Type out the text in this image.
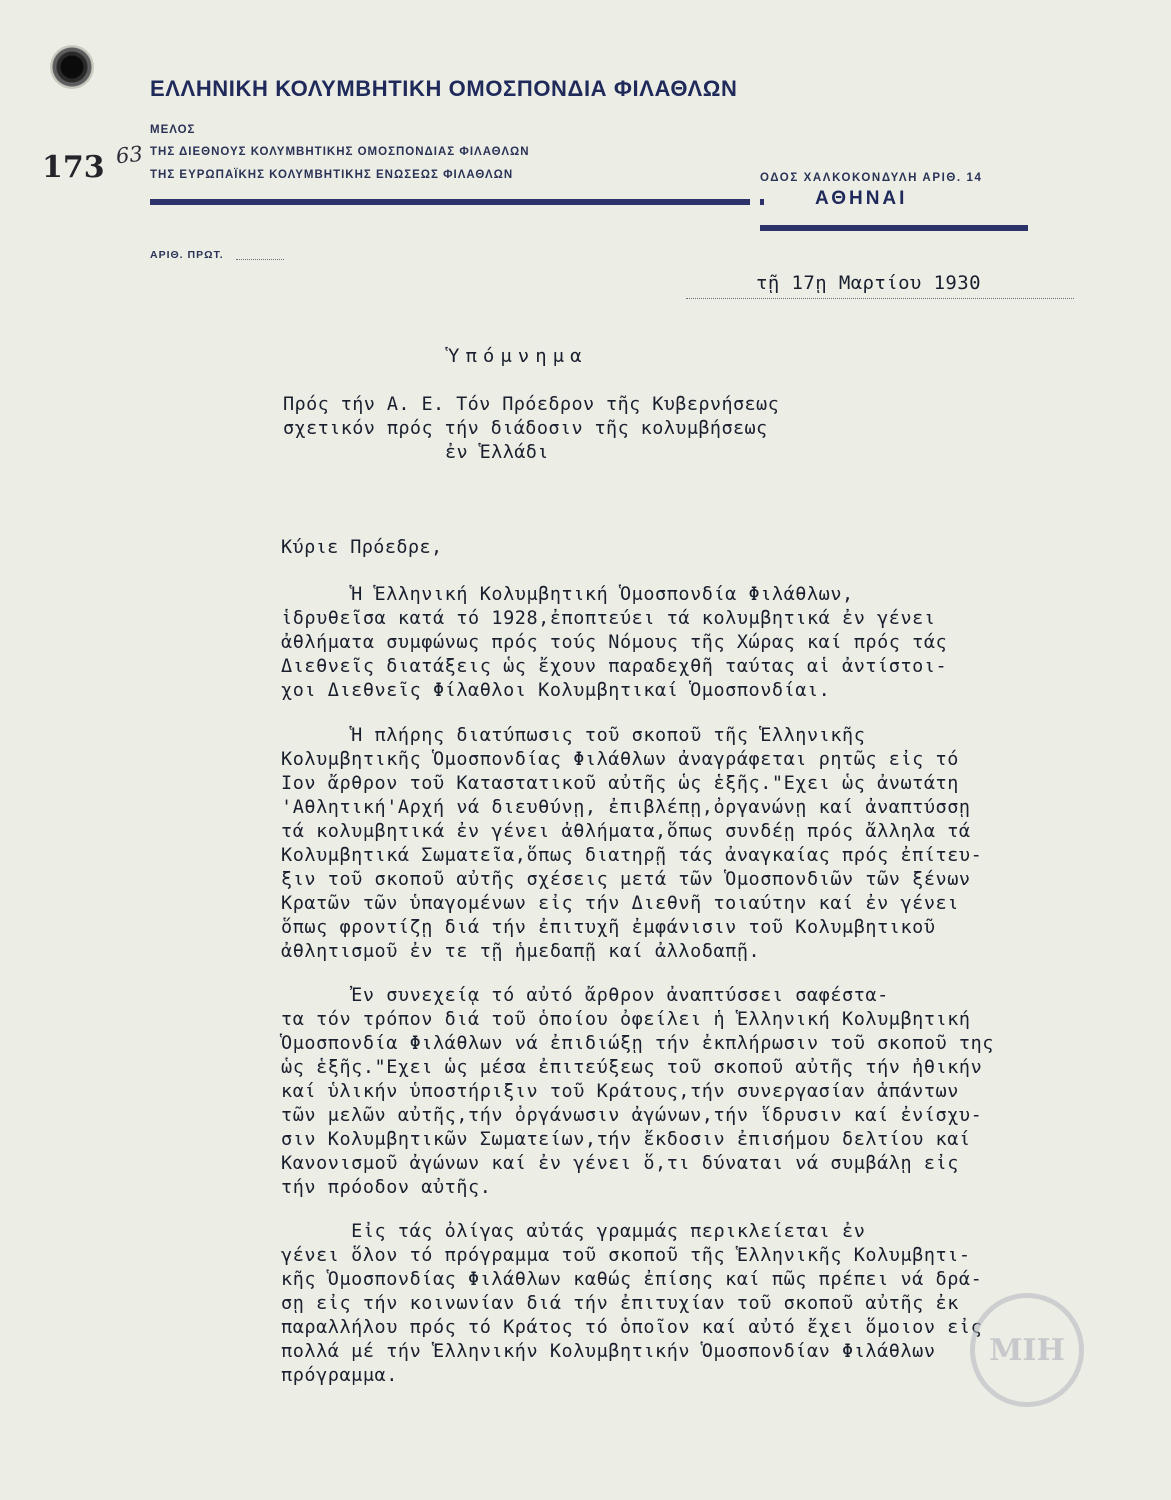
ΕΛΛΗΝΙΚΗ ΚΟΛΥΜΒΗΤΙΚΗ ΟΜΟΣΠΟΝΔΙΑ ΦΙΛΑΘΛΩΝ
ΜΕΛΟΣ
ΤΗΣ ΔΙΕΘΝΟΥΣ ΚΟΛΥΜΒΗΤΙΚΗΣ ΟΜΟΣΠΟΝΔΙΑΣ ΦΙΛΑΘΛΩΝ
ΤΗΣ ΕΥΡΩΠΑΪΚΗΣ ΚΟΛΥΜΒΗΤΙΚΗΣ ΕΝΩΣΕΩΣ ΦΙΛΑΘΛΩΝ	ΟΔΟΣ ΧΑΛΚΟΚΟΝΔΥΛΗ ΑΡΙΘ. 14
173 63
ΑΘΗΝΑΙ
ΑΡΙΘ. ΠΡΩΤ.
τῇ 17ῃ Μαρτίου 1930
Ὑπόμνημα
Πρός τήν Α. Ε. Τόν Πρόεδρον τῆς Κυβερνήσεως
σχετικόν πρός τήν διάδοσιν τῆς κολυμβήσεως
ἐν Ἑλλάδι
Κύριε Πρόεδρε,
Ἡ Ἑλληνική Κολυμβητική Ὁμοσπονδία Φιλάθλων,
ἱδρυθεῖσα κατά τό 1928,ἐποπτεύει τά κολυμβητικά ἐν γένει
ἀθλήματα συμφώνως πρός τούς Νόμους τῆς Χώρας καί πρός τάς
Διεθνεῖς διατάξεις ὡς ἔχουν παραδεχθῆ ταύτας αἱ ἀντίστοι-
χοι Διεθνεῖς Φίλαθλοι Κολυμβητικαί Ὁμοσπονδίαι.
Ἡ πλήρης διατύπωσις τοῦ σκοποῦ τῆς Ἑλληνικῆς
Κολυμβητικῆς Ὁμοσπονδίας Φιλάθλων ἀναγράφεται ρητῶς εἰς τό
Ιον ἄρθρον τοῦ Καταστατικοῦ αὐτῆς ὡς ἑξῆς."Εχει ὡς ἀνωτάτη
'Αθλητική'Αρχή νά διευθύνῃ, ἐπιβλέπῃ,ὀργανώνῃ καί ἀναπτύσσῃ
τά κολυμβητικά ἐν γένει ἀθλήματα,ὅπως συνδέῃ πρός ἄλληλα τά
Κολυμβητικά Σωματεῖα,ὅπως διατηρῇ τάς ἀναγκαίας πρός ἐπίτευ-
ξιν τοῦ σκοποῦ αὐτῆς σχέσεις μετά τῶν Ὁμοσπονδιῶν τῶν ξένων
Κρατῶν τῶν ὑπαγομένων εἰς τήν Διεθνῆ τοιαύτην καί ἐν γένει
ὅπως φροντίζῃ διά τήν ἐπιτυχῆ ἐμφάνισιν τοῦ Κολυμβητικοῦ
ἀθλητισμοῦ ἐν τε τῇ ἡμεδαπῇ καί ἀλλοδαπῇ.
Ἐν συνεχείᾳ τό αὐτό ἄρθρον ἀναπτύσσει σαφέστα-
τα τόν τρόπον διά τοῦ ὁποίου ὀφείλει ἡ Ἑλληνική Κολυμβητική
Ὁμοσπονδία Φιλάθλων νά ἐπιδιώξῃ τήν ἐκπλήρωσιν τοῦ σκοποῦ της
ὡς ἑξῆς."Εχει ὡς μέσα ἐπιτεύξεως τοῦ σκοποῦ αὐτῆς τήν ἠθικήν
καί ὑλικήν ὑποστήριξιν τοῦ Κράτους,τήν συνεργασίαν ἁπάντων
τῶν μελῶν αὐτῆς,τήν ὀργάνωσιν ἀγώνων,τήν ἵδρυσιν καί ἐνίσχυ-
σιν Κολυμβητικῶν Σωματείων,τήν ἔκδοσιν ἐπισήμου δελτίου καί
Κανονισμοῦ ἀγώνων καί ἐν γένει ὅ,τι δύναται νά συμβάλῃ εἰς
τήν πρόοδον αὐτῆς.
Εἰς τάς ὀλίγας αὐτάς γραμμάς περικλείεται ἐν
γένει ὅλον τό πρόγραμμα τοῦ σκοποῦ τῆς Ἑλληνικῆς Κολυμβητι-
κῆς Ὁμοσπονδίας Φιλάθλων καθώς ἐπίσης καί πῶς πρέπει νά δρά-
σῃ εἰς τήν κοινωνίαν διά τήν ἐπιτυχίαν τοῦ σκοποῦ αὐτῆς ἐκ
παραλλήλου πρός τό Κράτος τό ὁποῖον καί αὐτό ἔχει ὅμοιον εἰς
πολλά μέ τήν Ἑλληνικήν Κολυμβητικήν Ὁμοσπονδίαν Φιλάθλων
πρόγραμμα.
ΜΙΗ
